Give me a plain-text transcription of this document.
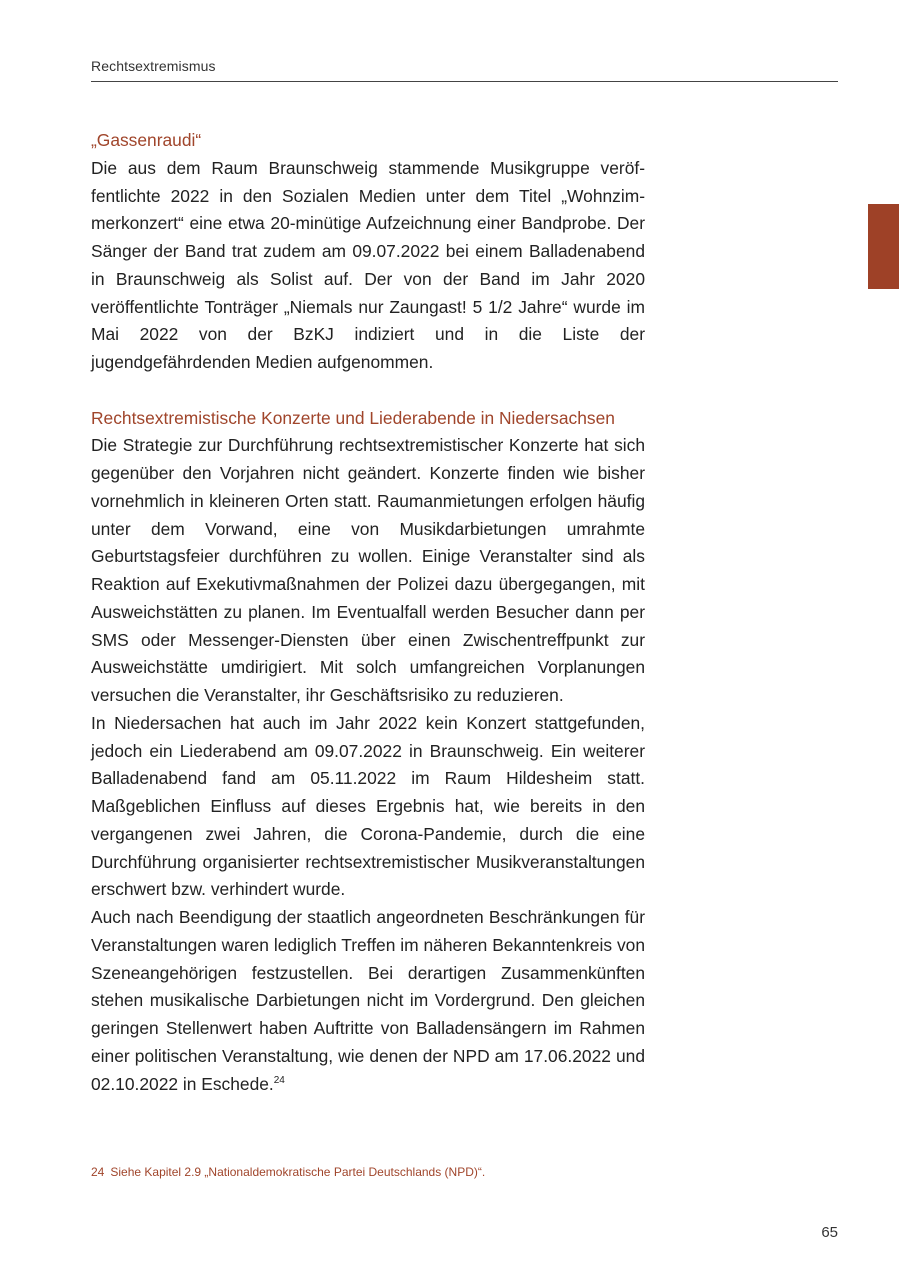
Rechtsextremismus
„Gassenraudi“

Die aus dem Raum Braunschweig stammende Musikgruppe veröffentlichte 2022 in den Sozialen Medien unter dem Titel „Wohnzimmerkonzert“ eine etwa 20-minütige Aufzeichnung einer Bandprobe. Der Sänger der Band trat zudem am 09.07.2022 bei einem Balladenabend in Braunschweig als Solist auf. Der von der Band im Jahr 2020 veröffentlichte Tonträger „Niemals nur Zaungast! 5 1/2 Jahre“ wurde im Mai 2022 von der BzKJ indiziert und in die Liste der jugendgefährdenden Medien aufgenommen.

Rechtsextremistische Konzerte und Liederabende in Niedersachsen

Die Strategie zur Durchführung rechtsextremistischer Konzerte hat sich gegenüber den Vorjahren nicht geändert. Konzerte finden wie bisher vornehmlich in kleineren Orten statt. Raumanmietungen erfolgen häufig unter dem Vorwand, eine von Musikdarbietungen umrahmte Geburtstagsfeier durchführen zu wollen. Einige Veranstalter sind als Reaktion auf Exekutivmaßnahmen der Polizei dazu übergegangen, mit Ausweichstätten zu planen. Im Eventualfall werden Besucher dann per SMS oder Messenger-Diensten über einen Zwischentreffpunkt zur Ausweichstätte umdirigiert. Mit solch umfangreichen Vorplanungen versuchen die Veranstalter, ihr Geschäftsrisiko zu reduzieren.

In Niedersachen hat auch im Jahr 2022 kein Konzert stattgefunden, jedoch ein Liederabend am 09.07.2022 in Braunschweig. Ein weiterer Balladenabend fand am 05.11.2022 im Raum Hildesheim statt. Maßgeblichen Einfluss auf dieses Ergebnis hat, wie bereits in den vergangenen zwei Jahren, die Corona-Pandemie, durch die eine Durchführung organisierter rechtsextremistischer Musikveranstaltungen erschwert bzw. verhindert wurde.

Auch nach Beendigung der staatlich angeordneten Beschränkungen für Veranstaltungen waren lediglich Treffen im näheren Bekanntenkreis von Szeneangehörigen festzustellen. Bei derartigen Zusammenkünften stehen musikalische Darbietungen nicht im Vordergrund. Den gleichen geringen Stellenwert haben Auftritte von Balladensängern im Rahmen einer politischen Veranstaltung, wie denen der NPD am 17.06.2022 und 02.10.2022 in Eschede.$^{24}$

24 Siehe Kapitel 2.9 „Nationaldemokratische Partei Deutschlands (NPD)“.
65
